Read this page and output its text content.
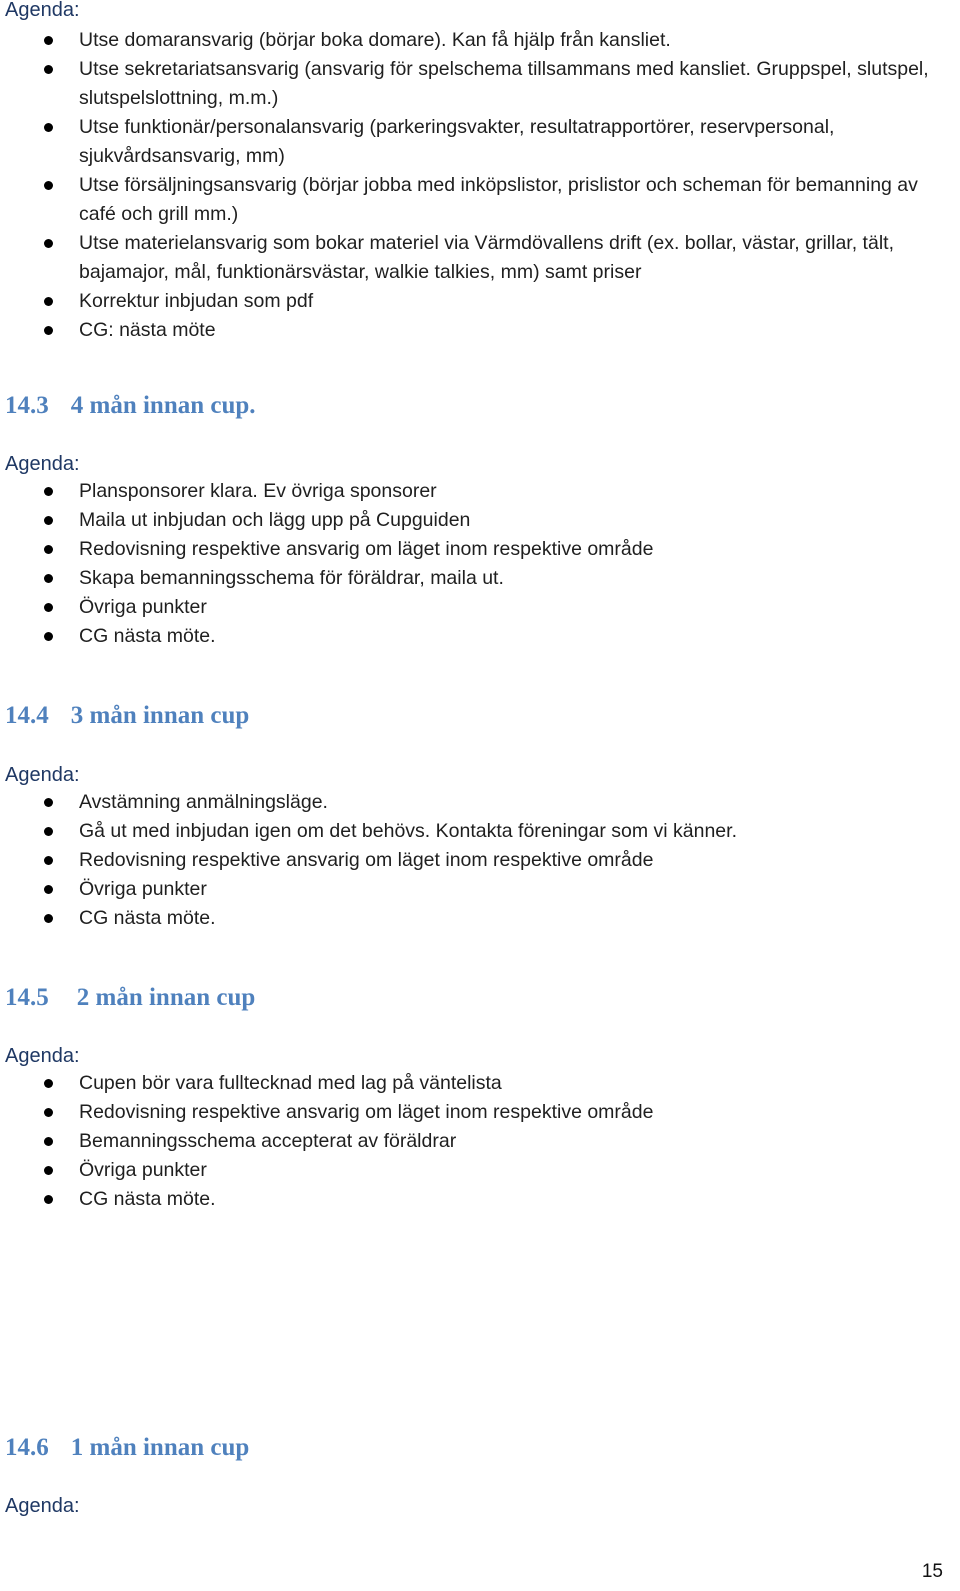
Agenda:
Utse domaransvarig (börjar boka domare). Kan få hjälp från kansliet.
Utse sekretariatsansvarig (ansvarig för spelschema tillsammans med kansliet. Gruppspel, slutspel, slutspelslottning, m.m.)
Utse funktionär/personalansvarig (parkeringsvakter, resultatrapportörer, reservpersonal, sjukvårdsansvarig, mm)
Utse försäljningsansvarig (börjar jobba med inköpslistor, prislistor och scheman för bemanning av café och grill mm.)
Utse materielansvarig som bokar materiel via Värmdövallens drift (ex. bollar, västar, grillar, tält, bajamajor, mål, funktionärsvästar, walkie talkies, mm) samt priser
Korrektur inbjudan som pdf
CG: nästa möte
14.3 4 mån innan cup.
Agenda:
Plansponsorer klara. Ev övriga sponsorer
Maila ut inbjudan och lägg upp på Cupguiden
Redovisning respektive ansvarig om läget inom respektive område
Skapa bemanningsschema för föräldrar, maila ut.
Övriga punkter
CG nästa möte.
14.4 3 mån innan cup
Agenda:
Avstämning anmälningsläge.
Gå ut med inbjudan igen om det behövs. Kontakta föreningar som vi känner.
Redovisning respektive ansvarig om läget inom respektive område
Övriga punkter
CG nästa möte.
14.5 2 mån innan cup
Agenda:
Cupen bör vara fulltecknad med lag på väntelista
Redovisning respektive ansvarig om läget inom respektive område
Bemanningsschema accepterat av föräldrar
Övriga punkter
CG nästa möte.
14.6 1 mån innan cup
Agenda:
15
